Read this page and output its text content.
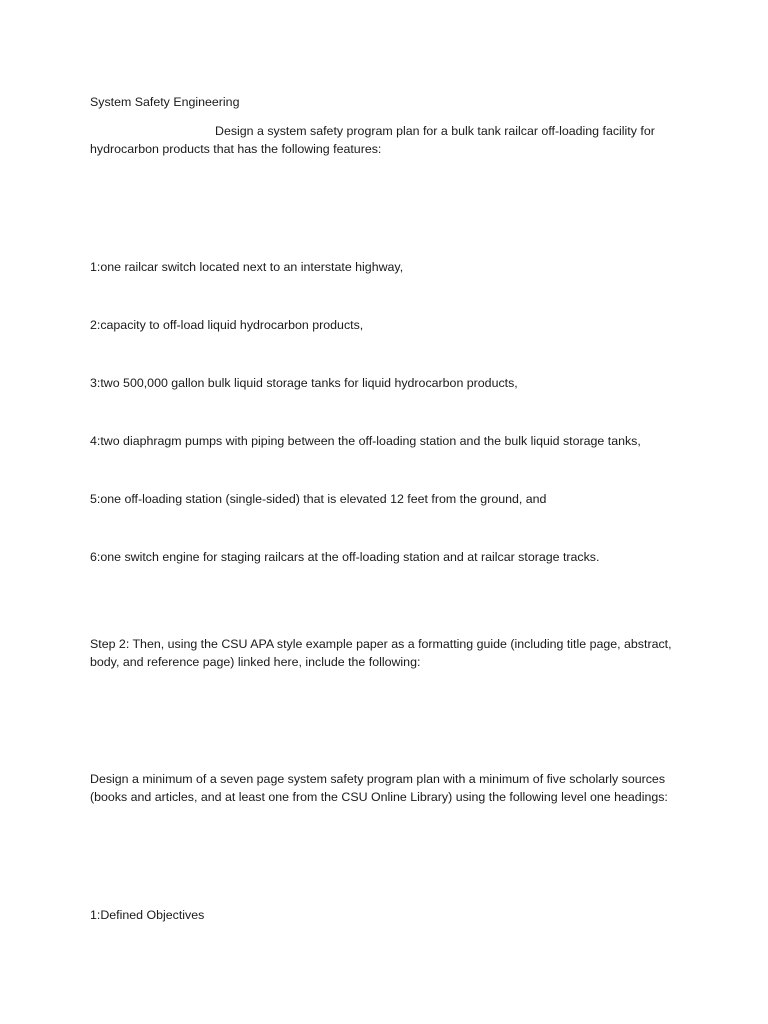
System Safety Engineering
Design a system safety program plan for a bulk tank railcar off-loading facility for hydrocarbon products that has the following features:
1:one railcar switch located next to an interstate highway,
2:capacity to off-load liquid hydrocarbon products,
3:two 500,000 gallon bulk liquid storage tanks for liquid hydrocarbon products,
4:two diaphragm pumps with piping between the off-loading station and the bulk liquid storage tanks,
5:one off-loading station (single-sided) that is elevated 12 feet from the ground, and
6:one switch engine for staging railcars at the off-loading station and at railcar storage tracks.
Step 2: Then, using the CSU APA style example paper as a formatting guide (including title page, abstract, body, and reference page) linked here, include the following:
Design a minimum of a seven page system safety program plan with a minimum of five scholarly sources (books and articles, and at least one from the CSU Online Library) using the following level one headings:
1:Defined Objectives
